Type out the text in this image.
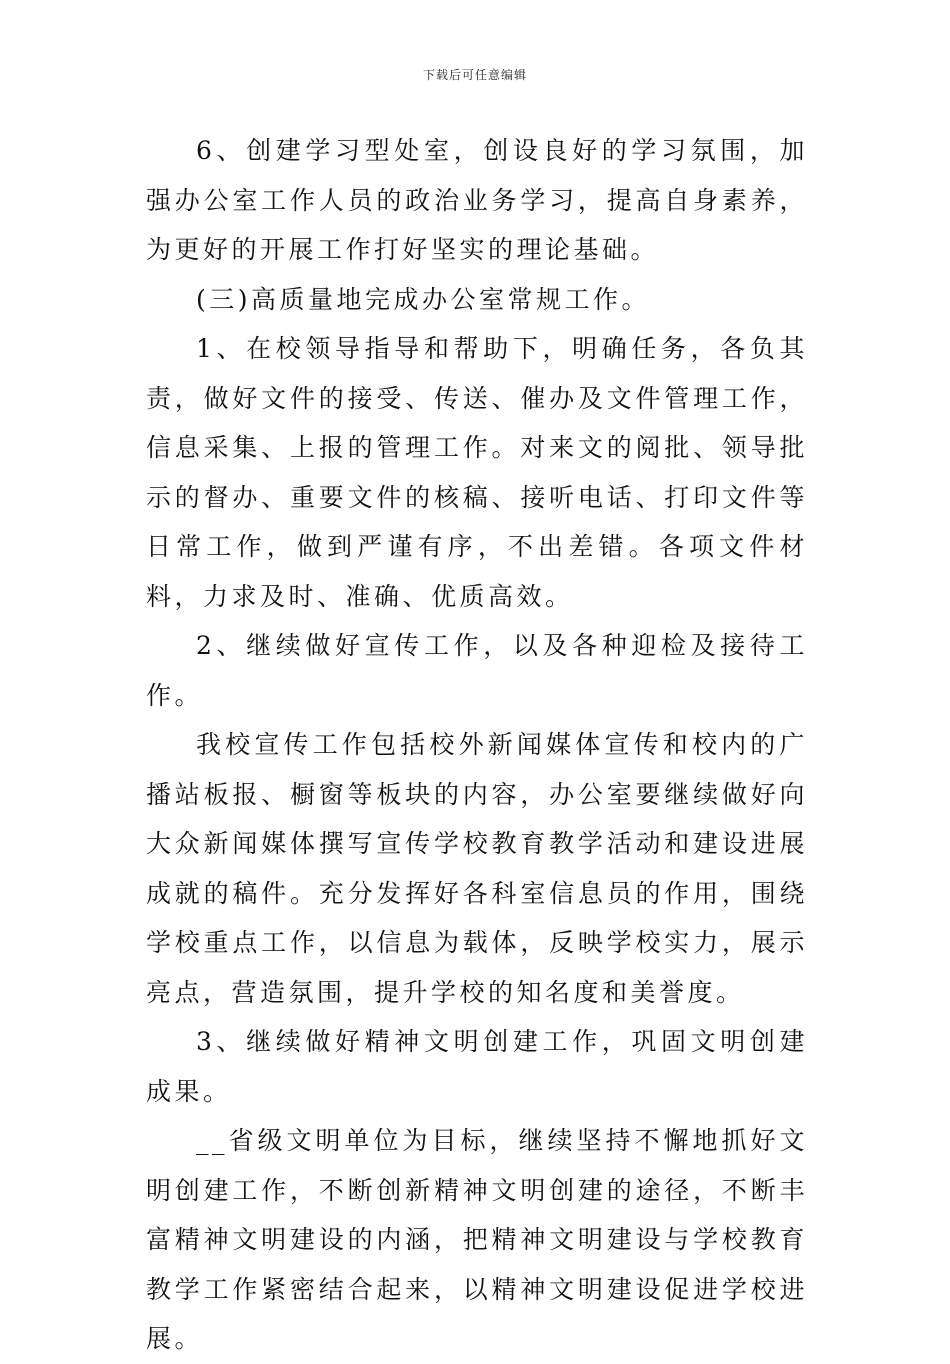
下载后可任意编辑

6、创建学习型处室，创设良好的学习氛围，加强办公室工作人员的政治业务学习，提高自身素养，为更好的开展工作打好坚实的理论基础。

(三)高质量地完成办公室常规工作。

1、在校领导指导和帮助下，明确任务，各负其责，做好文件的接受、传送、催办及文件管理工作，信息采集、上报的管理工作。对来文的阅批、领导批示的督办、重要文件的核稿、接听电话、打印文件等日常工作，做到严谨有序，不出差错。各项文件材料，力求及时、准确、优质高效。

2、继续做好宣传工作，以及各种迎检及接待工作。

我校宣传工作包括校外新闻媒体宣传和校内的广播站板报、橱窗等板块的内容，办公室要继续做好向大众新闻媒体撰写宣传学校教育教学活动和建设进展成就的稿件。充分发挥好各科室信息员的作用，围绕学校重点工作，以信息为载体，反映学校实力，展示亮点，营造氛围，提升学校的知名度和美誉度。

3、继续做好精神文明创建工作，巩固文明创建成果。

__省级文明单位为目标，继续坚持不懈地抓好文明创建工作，不断创新精神文明创建的途径，不断丰富精神文明建设的内涵，把精神文明建设与学校教育教学工作紧密结合起来，以精神文明建设促进学校进展。
